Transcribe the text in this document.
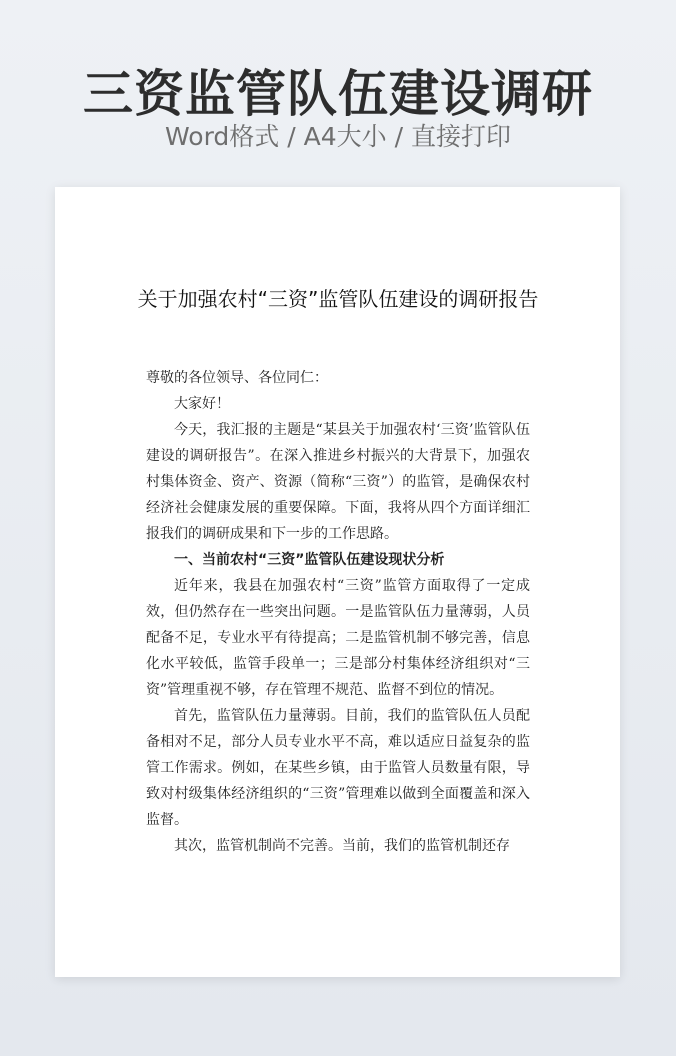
三资监管队伍建设调研
Word格式 / A4大小 / 直接打印
关于加强农村“三资”监管队伍建设的调研报告

尊敬的各位领导、各位同仁：

大家好！

今天，我汇报的主题是“某县关于加强农村‘三资’监管队伍建设的调研报告”。在深入推进乡村振兴的大背景下，加强农村集体资金、资产、资源（简称“三资”）的监管，是确保农村经济社会健康发展的重要保障。下面，我将从四个方面详细汇报我们的调研成果和下一步的工作思路。

一、当前农村“三资”监管队伍建设现状分析

近年来，我县在加强农村“三资”监管方面取得了一定成效，但仍然存在一些突出问题。一是监管队伍力量薄弱，人员配备不足，专业水平有待提高；二是监管机制不够完善，信息化水平较低，监管手段单一；三是部分村集体经济组织对“三资”管理重视不够，存在管理不规范、监督不到位的情况。

首先，监管队伍力量薄弱。目前，我们的监管队伍人员配备相对不足，部分人员专业水平不高，难以适应日益复杂的监管工作需求。例如，在某些乡镇，由于监管人员数量有限，导致对村级集体经济组织的“三资”管理难以做到全面覆盖和深入监督。

其次，监管机制尚不完善。当前，我们的监管机制还存
